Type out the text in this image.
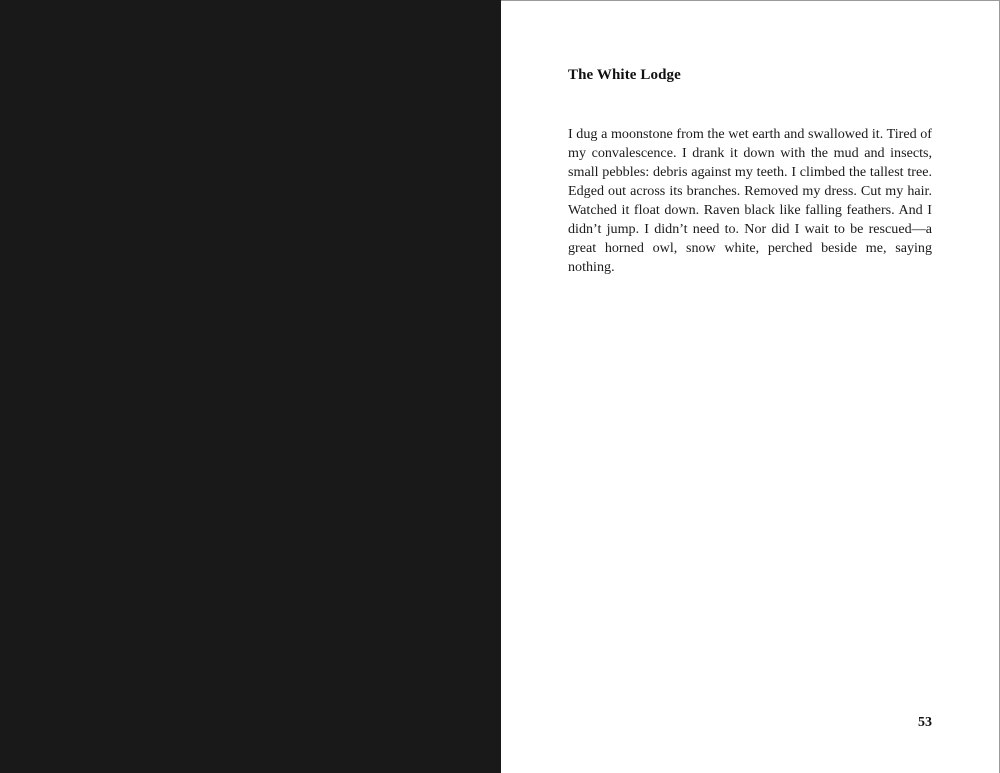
The White Lodge

I dug a moonstone from the wet earth and swallowed it. Tired of my convalescence. I drank it down with the mud and insects, small pebbles: debris against my teeth. I climbed the tallest tree. Edged out across its branches. Removed my dress. Cut my hair. Watched it float down. Raven black like falling feathers. And I didn’t jump. I didn’t need to. Nor did I wait to be rescued—a great horned owl, snow white, perched beside me, saying nothing.

53
